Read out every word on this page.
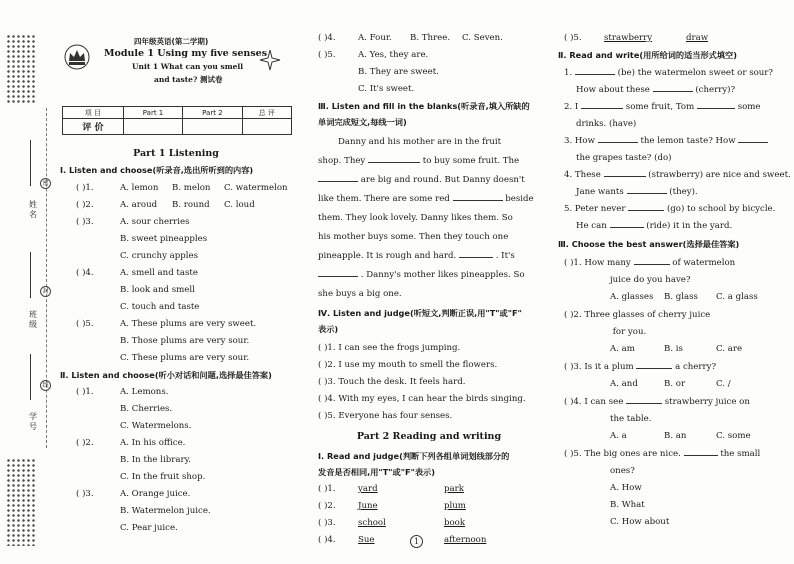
密
封
线
姓名
班级
学号
四年级英语(第二学期)
Module 1 Using my five senses
Unit 1 What can you smell
and taste? 测试卷
项 目	Part 1	Part 2	总 评
评 价			
Part 1 Listening
Ⅰ. Listen and choose(听录音,选出所听到的内容)
( )1.	A. lemon B. melon C. watermelon
( )2.	A. aroud B. round C. loud
( )3.	A. sour cherries
B. sweet pineapples
C. crunchy apples
( )4.	A. smell and taste
B. look and smell
C. touch and taste
( )5.	A. These plums are very sweet.
B. Those plums are very sour.
C. These plums are very sour.
Ⅱ. Listen and choose(听小对话和问题,选择最佳答案)
( )1.	A. Lemons.
B. Cherries.
C. Watermelons.
( )2.	A. In his office.
B. In the library.
C. In the fruit shop.
( )3.	A. Orange juice.
B. Watermelon juice.
C. Pear juice.
( )4.	A. Four. B. Three. C. Seven.
( )5.	A. Yes, they are.
B. They are sweet.
C. It's sweet.
Ⅲ. Listen and fill in the blanks(听录音,填入所缺的
单词完成短文,每线一词)
Danny and his mother are in the fruit
shop. They	to buy some fruit. The
are big and round. But Danny doesn't
like them. There are some red	beside
them. They look lovely. Danny likes them. So
his mother buys some. Then they touch one
pineapple. It is rough and hard.	. It's
. Danny's mother likes pineapples. So
she buys a big one.
Ⅳ. Listen and judge(听短文,判断正误,用"T"或"F"
表示)
( )1. I can see the frogs jumping.
( )2. I use my mouth to smell the flowers.
( )3. Touch the desk. It feels hard.
( )4. With my eyes, I can hear the birds singing.
( )5. Everyone has four senses.
Part 2 Reading and writing
Ⅰ. Read and judge(判断下列各组单词划线部分的
发音是否相同,用"T"或"F"表示)
( )1.	yard	park
( )2.	June	plum
( )3.	school	book
( )4.	Sue	afternoon
( )5.	strawberry	draw
Ⅱ. Read and write(用所给词的适当形式填空)
1.	(be) the watermelon sweet or sour?
How about these	(cherry)?
2. I	some fruit, Tom	some
drinks. (have)
3. How	the lemon taste? How
the grapes taste? (do)
4. These	(strawberry) are nice and sweet.
Jane wants	(they).
5. Peter never	(go) to school by bicycle.
He can	(ride) it in the yard.
Ⅲ. Choose the best answer(选择最佳答案)
( )1. How many	of watermelon
juice do you have?
A. glasses B. glass C. a glass
( )2. Three glasses of cherry juice
for you.
A. am	B. is	C. are
( )3. Is it a plum	a cherry?
A. and	B. or	C. /
( )4. I can see	strawberry juice on
the table.
A. a	B. an	C. some
( )5. The big ones are nice.	the small
ones?
A. How
B. What
C. How about
1
